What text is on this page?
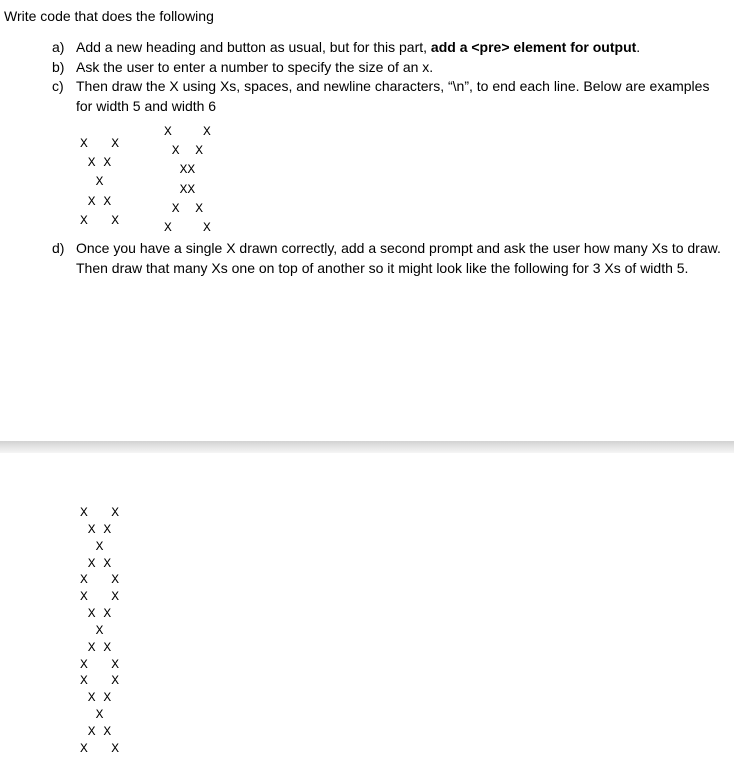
Write code that does the following
a) Add a new heading and button as usual, but for this part, add a <pre> element for output.
b) Ask the user to enter a number to specify the size of an x.
c) Then draw the X using Xs, spaces, and newline characters, “\n”, to end each line. Below are examples for width 5 and width 6
X   X
X X
X
X X
X   X
X    X
X  X
XX
XX
X  X
X    X
d) Once you have a single X drawn correctly, add a second prompt and ask the user how many Xs to draw. Then draw that many Xs one on top of another so it might look like the following for 3 Xs of width 5.
X   X
X X
X
X X
X   X
X   X
X X
X
X X
X   X
X   X
X X
X
X X
X   X
